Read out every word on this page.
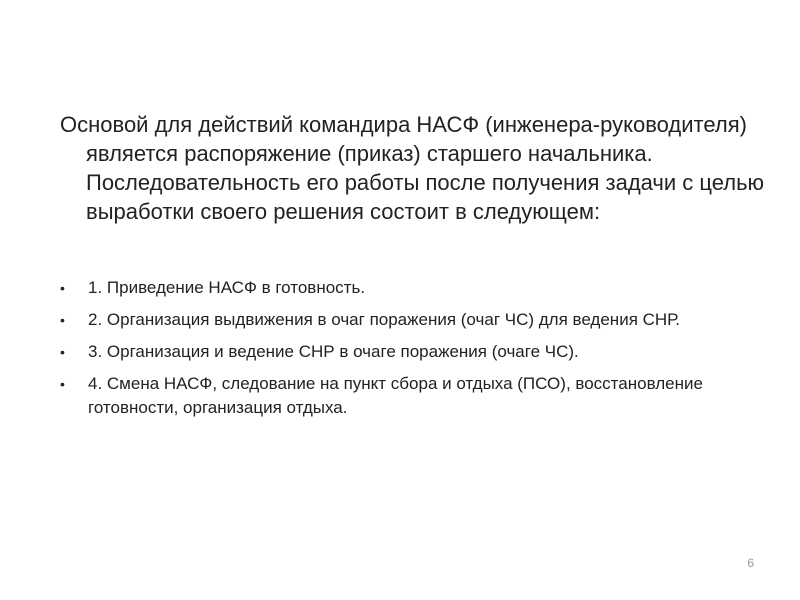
Основой для действий командира НАСФ (инженера-руководителя) является распоряжение (приказ) старшего начальника. Последовательность его работы после получения задачи с целью выработки своего решения состоит в следующем:

• 1. Приведение НАСФ в готовность.
• 2. Организация выдвижения в очаг поражения (очаг ЧС) для ведения СНР.
• 3. Организация и ведение СНР в очаге поражения (очаге ЧС).
• 4. Смена НАСФ, следование на пункт сбора и отдыха (ПСО), восстановление готовности, организация отдыха.
6
